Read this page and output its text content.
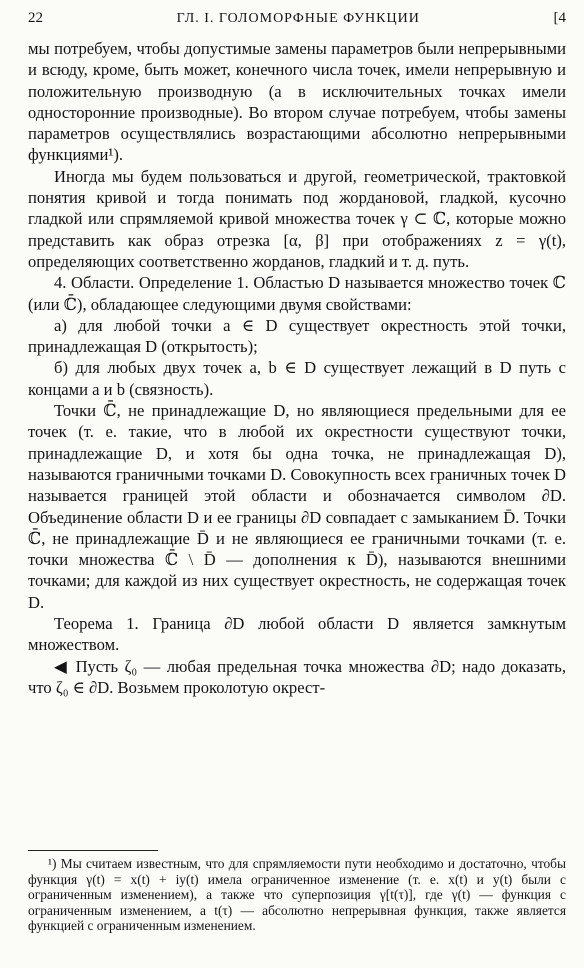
22	ГЛ. I. ГОЛОМОРФНЫЕ ФУНКЦИИ	[4

мы потребуем, чтобы допустимые замены параметров были непрерывными и всюду, кроме, быть может, конечного числа точек, имели непрерывную и положительную производную (а в исключительных точках имели односторонние производные). Во втором случае потребуем, чтобы замены параметров осуществлялись возрастающими абсолютно непрерывными функциями¹).

Иногда мы будем пользоваться и другой, геометрической, трактовкой понятия кривой и тогда понимать под жордановой, гладкой, кусочно гладкой или спрямляемой кривой множества точек γ ⊂ ℂ, которые можно представить как образ отрезка [α, β] при отображениях z = γ(t), определяющих соответственно жорданов, гладкий и т. д. путь.

4. Области. Определение 1. Областью D называется множество точек ℂ (или ℂ̄), обладающее следующими двумя свойствами:

а) для любой точки a ∈ D существует окрестность этой точки, принадлежащая D (открытость);

б) для любых двух точек a, b ∈ D существует лежащий в D путь с концами a и b (связность).

Точки ℂ̄, не принадлежащие D, но являющиеся предельными для ее точек (т. е. такие, что в любой их окрестности существуют точки, принадлежащие D, и хотя бы одна точка, не принадлежащая D), называются граничными точками D. Совокупность всех граничных точек D называется границей этой области и обозначается символом ∂D. Объединение области D и ее границы ∂D совпадает с замыканием D̄. Точки ℂ̄, не принадлежащие D̄ и не являющиеся ее граничными точками (т. е. точки множества ℂ̄ \ D̄ — дополнения к D̄), называются внешними точками; для каждой из них существует окрестность, не содержащая точек D.

Теорема 1. Граница ∂D любой области D является замкнутым множеством.

◀ Пусть ζ₀ — любая предельная точка множества ∂D; надо доказать, что ζ₀ ∈ ∂D. Возьмем проколотую окрест-

¹) Мы считаем известным, что для спрямляемости пути необходимо и достаточно, чтобы функция γ(t) = x(t) + iy(t) имела ограниченное изменение (т. е. x(t) и y(t) были с ограниченным изменением), а также что суперпозиция γ[t(τ)], где γ(t) — функция с ограниченным изменением, а t(τ) — абсолютно непрерывная функция, также является функцией с ограниченным изменением.
